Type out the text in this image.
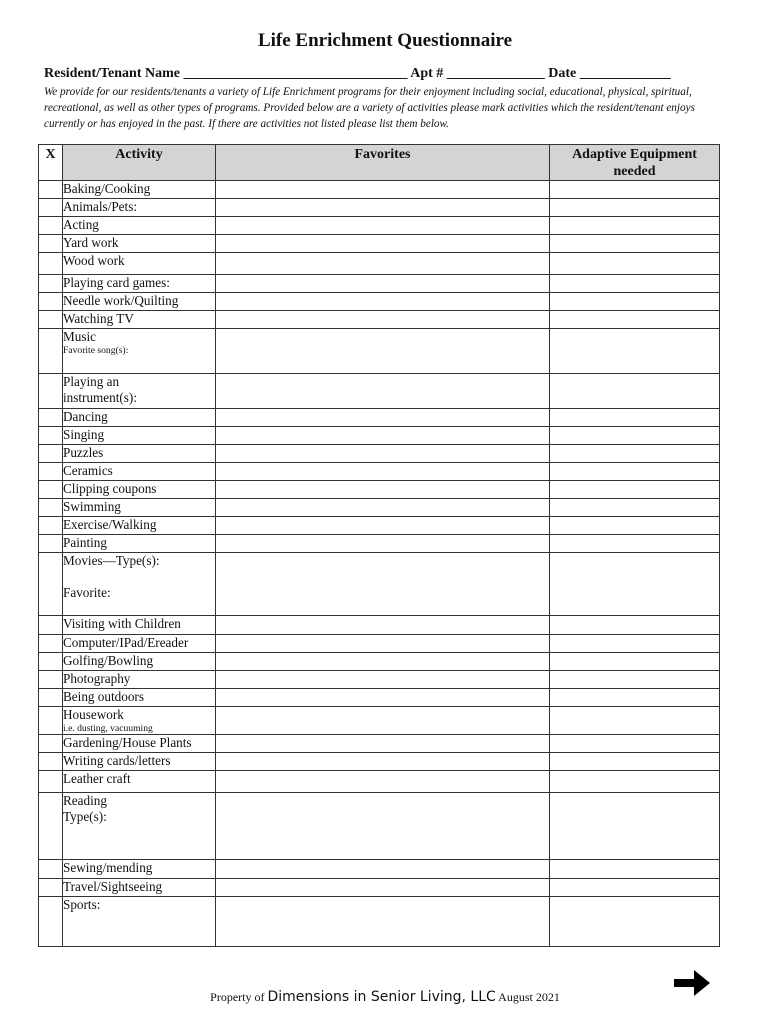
Life Enrichment Questionnaire
Resident/Tenant Name ________________________________ Apt # ______________ Date _____________
We provide for our residents/tenants a variety of Life Enrichment programs for their enjoyment including social, educational, physical, spiritual, recreational, as well as other types of programs. Provided below are a variety of activities please mark activities which the resident/tenant enjoys currently or has enjoyed in the past. If there are activities not listed please list them below.
X	Activity	Favorites	Adaptive Equipment
needed
	Baking/Cooking		
	Animals/Pets:		
	Acting		
	Yard work		
	Wood work		
	Playing card games:		
	Needle work/Quilting		
	Watching TV		
	Music
Favorite song(s):		

	Playing an
instrument(s):		

	Dancing		
	Singing		
	Puzzles		
	Ceramics		
	Clipping coupons		
	Swimming		
	Exercise/Walking		
	Painting		
	Movies—Type(s):
Favorite:		

	Visiting with Children		
	Computer/IPad/Ereader		
	Golfing/Bowling		
	Photography		
	Being outdoors		
	Housework
i.e. dusting, vacuuming		

	Gardening/House Plants		
	Writing cards/letters		
	Leather craft		
	Reading
Type(s):		

	Sewing/mending		
	Travel/Sightseeing		
	Sports:		
Property of Dimensions in Senior Living, LLC August 2021
